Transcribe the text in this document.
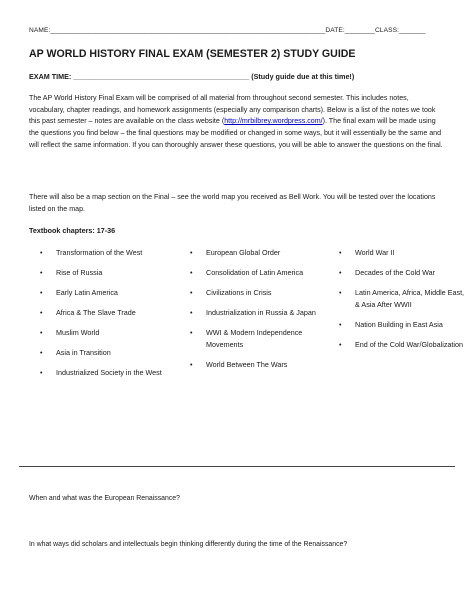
NAME:_________________________________________________________________________DATE:________CLASS:_______
AP WORLD HISTORY FINAL EXAM (SEMESTER 2) STUDY GUIDE
EXAM TIME: ____________________________________________ (Study guide due at this time!)
The AP World History Final Exam will be comprised of all material from throughout second semester. This includes notes, vocabulary, chapter readings, and homework assignments (especially any comparison charts). Below is a list of the notes we took this past semester – notes are available on the class website (http://mrbilbrey.wordpress.com/). The final exam will be made using the questions you find below – the final questions may be modified or changed in some ways, but it will essentially be the same and will reflect the same information. If you can thoroughly answer these questions, you will be able to answer the questions on the final.
There will also be a map section on the Final – see the world map you received as Bell Work. You will be tested over the locations listed on the map.
Textbook chapters: 17-36
• Transformation of the West
• Rise of Russia
• Early Latin America
• Africa & The Slave Trade
• Muslim World
• Asia in Transition
• Industrialized Society in the West
• European Global Order
• Consolidation of Latin America
• Civilizations in Crisis
• Industrialization in Russia & Japan
• WWI & Modern Independence Movements
• World Between The Wars
• World War II
• Decades of the Cold War
• Latin America, Africa, Middle East, & Asia After WWII
• Nation Building in East Asia
• End of the Cold War/Globalization
When and what was the European Renaissance?
In what ways did scholars and intellectuals begin thinking differently during the time of the Renaissance?
